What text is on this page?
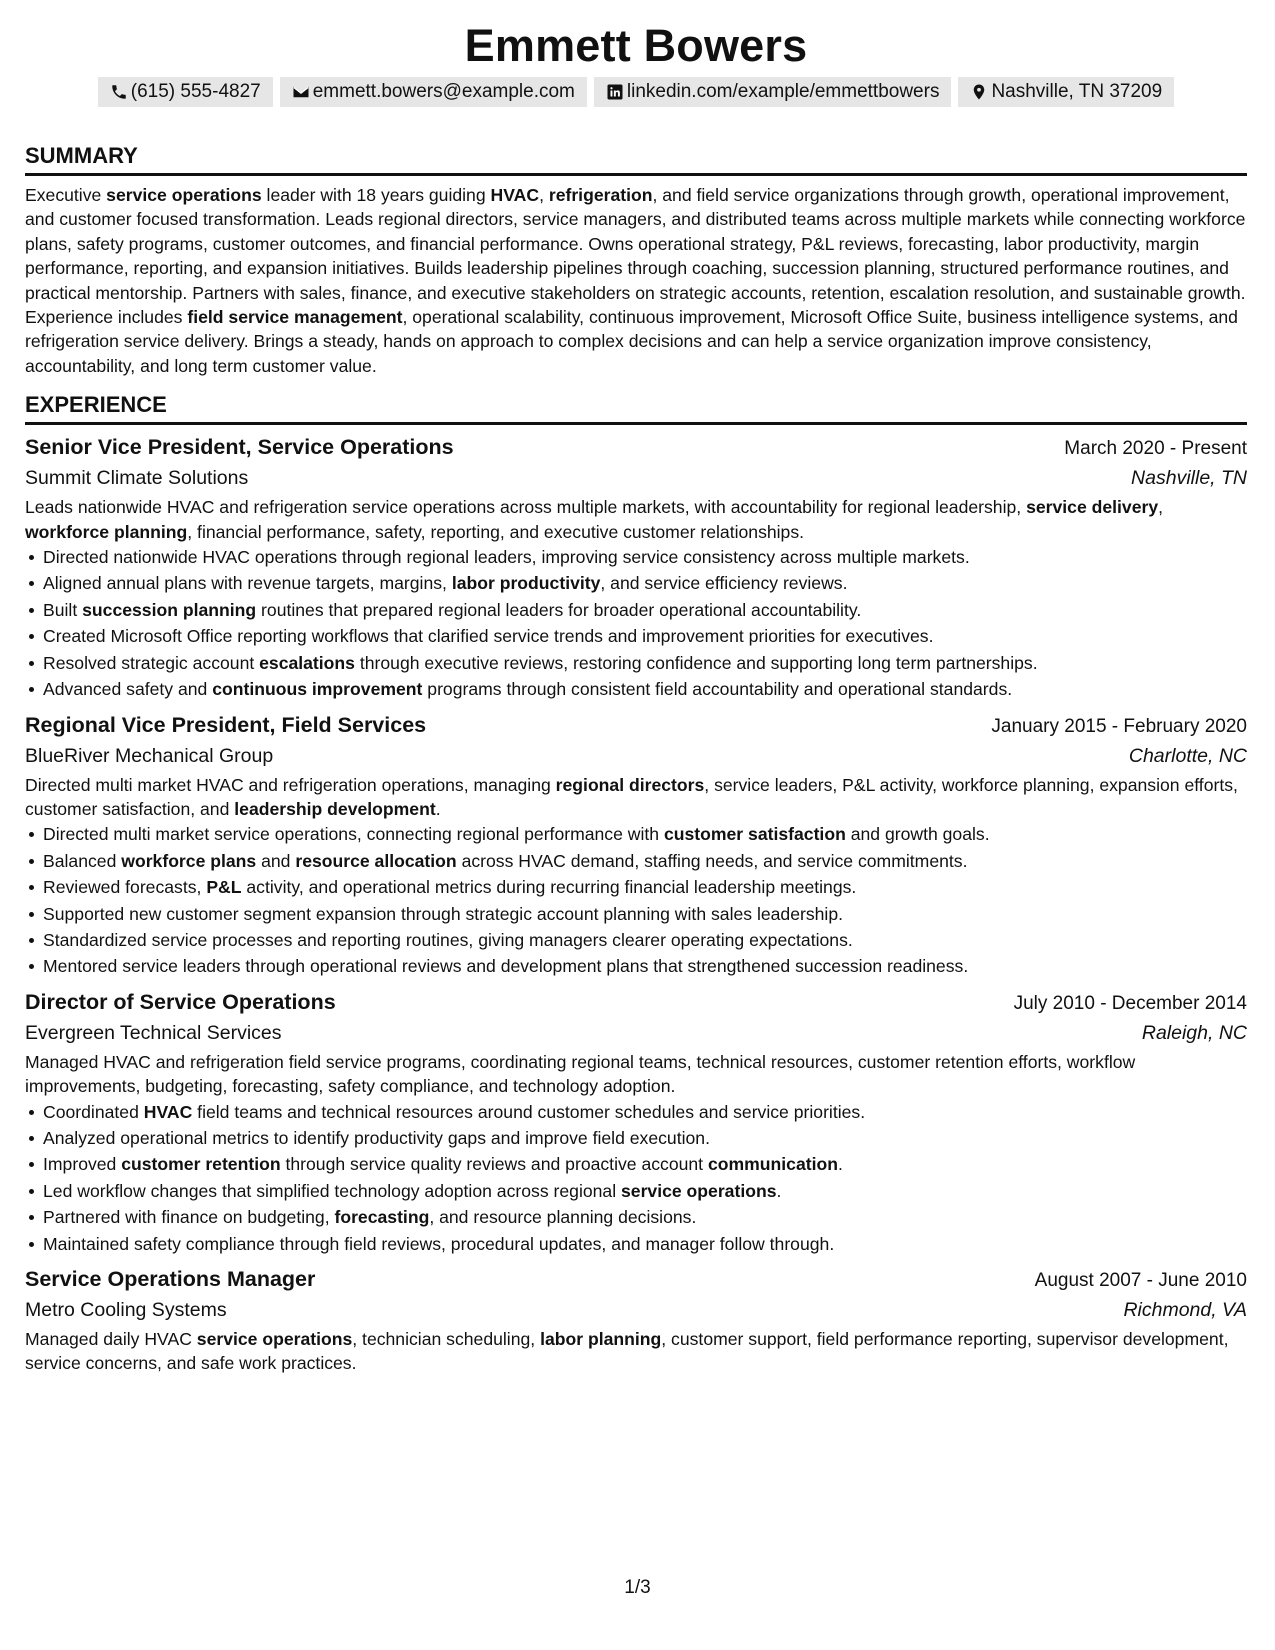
Emmett Bowers
(615) 555-4827	emmett.bowers@example.com	linkedin.com/example/emmettbowers	Nashville, TN 37209
SUMMARY

Executive service operations leader with 18 years guiding HVAC, refrigeration, and field service organizations through growth, operational improvement, and customer focused transformation. Leads regional directors, service managers, and distributed teams across multiple markets while connecting workforce plans, safety programs, customer outcomes, and financial performance. Owns operational strategy, P&L reviews, forecasting, labor productivity, margin performance, reporting, and expansion initiatives. Builds leadership pipelines through coaching, succession planning, structured performance routines, and practical mentorship. Partners with sales, finance, and executive stakeholders on strategic accounts, retention, escalation resolution, and sustainable growth. Experience includes field service management, operational scalability, continuous improvement, Microsoft Office Suite, business intelligence systems, and refrigeration service delivery. Brings a steady, hands on approach to complex decisions and can help a service organization improve consistency, accountability, and long term customer value.

EXPERIENCE
Senior Vice President, Service Operations	March 2020 - Present
Summit Climate Solutions	Nashville, TN

Leads nationwide HVAC and refrigeration service operations across multiple markets, with accountability for regional leadership, service delivery, workforce planning, financial performance, safety, reporting, and executive customer relationships.

Directed nationwide HVAC operations through regional leaders, improving service consistency across multiple markets.
Aligned annual plans with revenue targets, margins, labor productivity, and service efficiency reviews.
Built succession planning routines that prepared regional leaders for broader operational accountability.
Created Microsoft Office reporting workflows that clarified service trends and improvement priorities for executives.
Resolved strategic account escalations through executive reviews, restoring confidence and supporting long term partnerships.
Advanced safety and continuous improvement programs through consistent field accountability and operational standards.
Regional Vice President, Field Services	January 2015 - February 2020
BlueRiver Mechanical Group	Charlotte, NC

Directed multi market HVAC and refrigeration operations, managing regional directors, service leaders, P&L activity, workforce planning, expansion efforts, customer satisfaction, and leadership development.

Directed multi market service operations, connecting regional performance with customer satisfaction and growth goals.
Balanced workforce plans and resource allocation across HVAC demand, staffing needs, and service commitments.
Reviewed forecasts, P&L activity, and operational metrics during recurring financial leadership meetings.
Supported new customer segment expansion through strategic account planning with sales leadership.
Standardized service processes and reporting routines, giving managers clearer operating expectations.
Mentored service leaders through operational reviews and development plans that strengthened succession readiness.
Director of Service Operations	July 2010 - December 2014
Evergreen Technical Services	Raleigh, NC

Managed HVAC and refrigeration field service programs, coordinating regional teams, technical resources, customer retention efforts, workflow improvements, budgeting, forecasting, safety compliance, and technology adoption.

Coordinated HVAC field teams and technical resources around customer schedules and service priorities.
Analyzed operational metrics to identify productivity gaps and improve field execution.
Improved customer retention through service quality reviews and proactive account communication.
Led workflow changes that simplified technology adoption across regional service operations.
Partnered with finance on budgeting, forecasting, and resource planning decisions.
Maintained safety compliance through field reviews, procedural updates, and manager follow through.
Service Operations Manager	August 2007 - June 2010
Metro Cooling Systems	Richmond, VA

Managed daily HVAC service operations, technician scheduling, labor planning, customer support, field performance reporting, supervisor development, service concerns, and safe work practices.

1/3
